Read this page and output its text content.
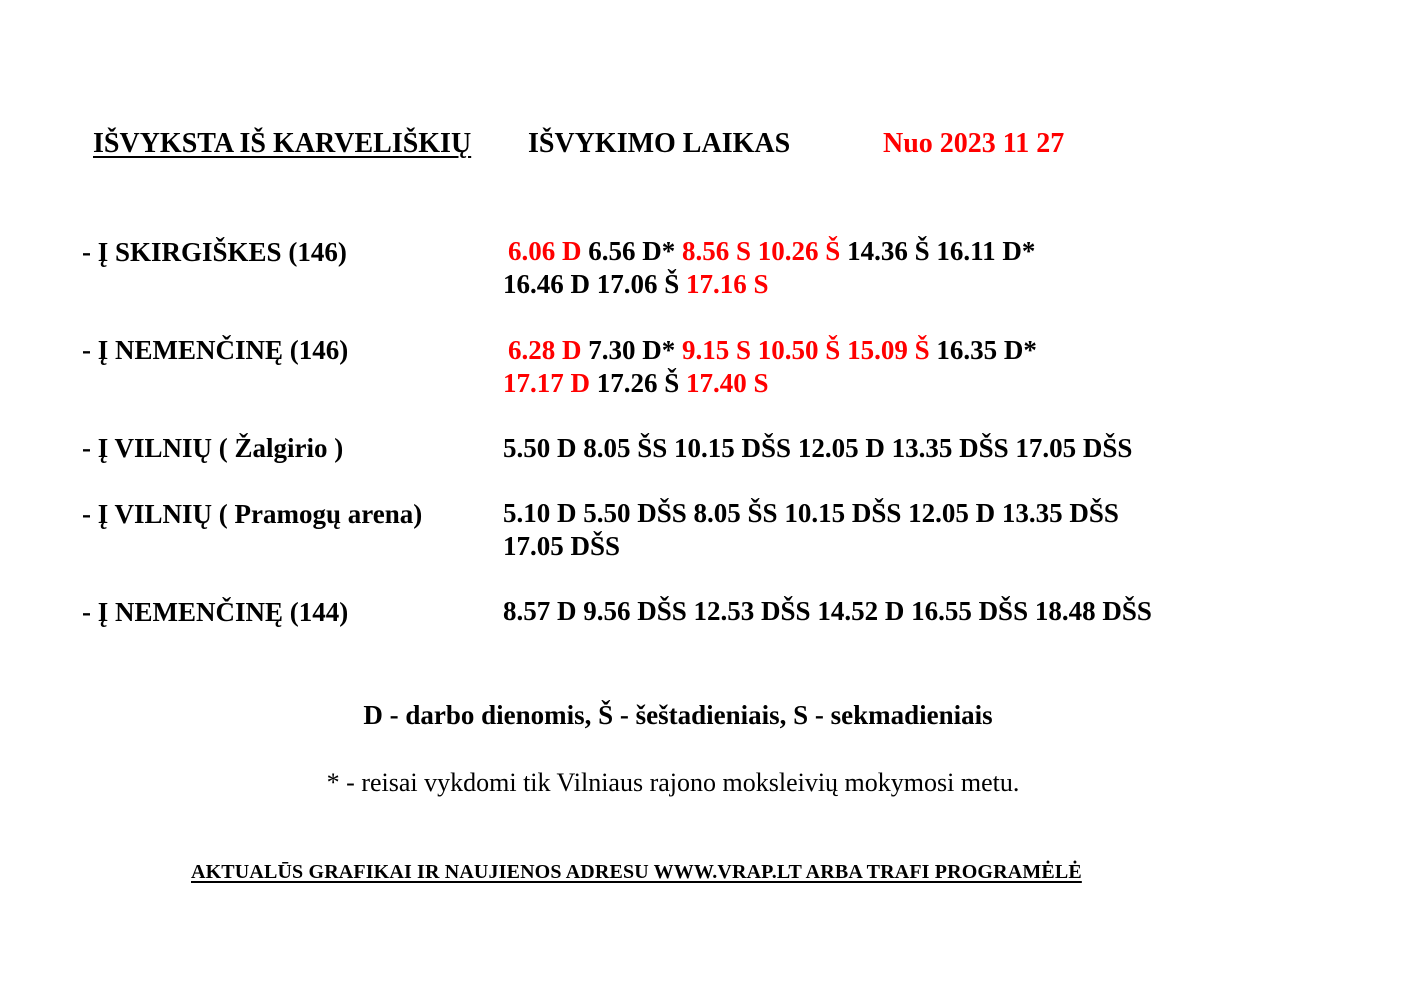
IŠVYKSTA IŠ KARVELIŠKIŲ IŠVYKIMO LAIKAS	Nuo 2023 11 27
- Į SKIRGIŠKES (146)	6.06 D 6.56 D* 8.56 S 10.26 Š 14.36 Š 16.11 D*
16.46 D 17.06 Š 17.16 S
- Į NEMENČINĘ (146)	6.28 D 7.30 D* 9.15 S 10.50 Š 15.09 Š 16.35 D*
17.17 D 17.26 Š 17.40 S
- Į VILNIŲ ( Žalgirio )	5.50 D 8.05 ŠS 10.15 DŠS 12.05 D 13.35 DŠS 17.05 DŠS
- Į VILNIŲ ( Pramogų arena)	5.10 D 5.50 DŠS 8.05 ŠS 10.15 DŠS 12.05 D 13.35 DŠS
17.05 DŠS
- Į NEMENČINĘ (144)	8.57 D 9.56 DŠS 12.53 DŠS 14.52 D 16.55 DŠS 18.48 DŠS
D - darbo dienomis, Š - šeštadieniais, S - sekmadieniais
* - reisai vykdomi tik Vilniaus rajono moksleivių mokymosi metu.
AKTUALŪS GRAFIKAI IR NAUJIENOS ADRESU WWW.VRAP.LT ARBA TRAFI PROGRAMĖLĖ
